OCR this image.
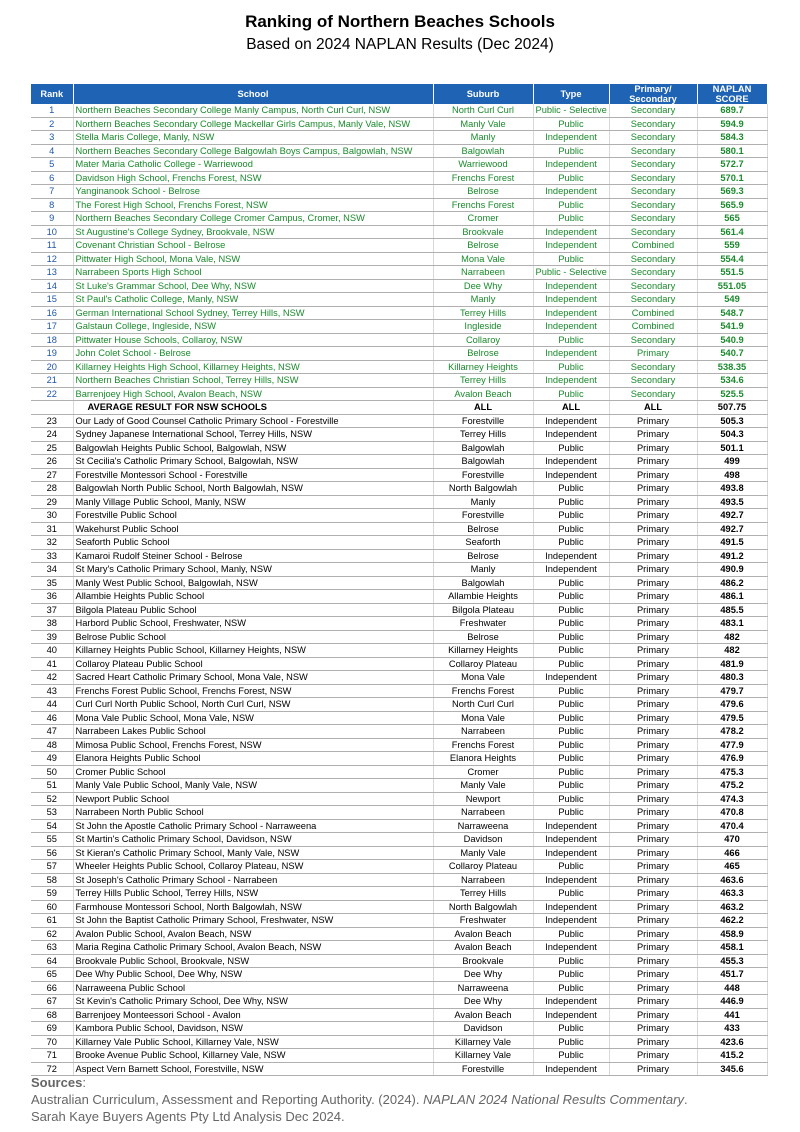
Ranking of Northern Beaches Schools
Based on 2024 NAPLAN Results (Dec 2024)
Rank	School	Suburb	Type	Primary/ Secondary	NAPLAN SCORE
1	Northern Beaches Secondary College Manly Campus, North Curl Curl, NSW	North Curl Curl	Public - Selective	Secondary	689.7
2	Northern Beaches Secondary College Mackellar Girls Campus, Manly Vale, NSW	Manly Vale	Public	Secondary	594.9
3	Stella Maris College, Manly, NSW	Manly	Independent	Secondary	584.3
4	Northern Beaches Secondary College Balgowlah Boys Campus, Balgowlah, NSW	Balgowlah	Public	Secondary	580.1
5	Mater Maria Catholic College - Warriewood	Warriewood	Independent	Secondary	572.7
6	Davidson High School, Frenchs Forest, NSW	Frenchs Forest	Public	Secondary	570.1
7	Yanginanook School - Belrose	Belrose	Independent	Secondary	569.3
8	The Forest High School, Frenchs Forest, NSW	Frenchs Forest	Public	Secondary	565.9
9	Northern Beaches Secondary College Cromer Campus, Cromer, NSW	Cromer	Public	Secondary	565
10	St Augustine's College Sydney, Brookvale, NSW	Brookvale	Independent	Secondary	561.4
11	Covenant Christian School - Belrose	Belrose	Independent	Combined	559
12	Pittwater High School, Mona Vale, NSW	Mona Vale	Public	Secondary	554.4
13	Narrabeen Sports High School	Narrabeen	Public - Selective	Secondary	551.5
14	St Luke's Grammar School, Dee Why, NSW	Dee Why	Independent	Secondary	551.05
15	St Paul's Catholic College, Manly, NSW	Manly	Independent	Secondary	549
16	German International School Sydney, Terrey Hills, NSW	Terrey Hills	Independent	Combined	548.7
17	Galstaun College, Ingleside, NSW	Ingleside	Independent	Combined	541.9
18	Pittwater House Schools, Collaroy, NSW	Collaroy	Public	Secondary	540.9
19	John Colet School - Belrose	Belrose	Independent	Primary	540.7
20	Killarney Heights High School, Killarney Heights, NSW	Killarney Heights	Public	Secondary	538.35
21	Northern Beaches Christian School, Terrey Hills, NSW	Terrey Hills	Independent	Secondary	534.6
22	Barrenjoey High School, Avalon Beach, NSW	Avalon Beach	Public	Secondary	525.5
	AVERAGE RESULT FOR NSW SCHOOLS	ALL	ALL	ALL	507.75
23	Our Lady of Good Counsel Catholic Primary School - Forestville	Forestville	Independent	Primary	505.3
24	Sydney Japanese International School, Terrey Hills, NSW	Terrey Hills	Independent	Primary	504.3
25	Balgowlah Heights Public School, Balgowlah, NSW	Balgowlah	Public	Primary	501.1
26	St Cecilia's Catholic Primary School, Balgowlah, NSW	Balgowlah	Independent	Primary	499
27	Forestville Montessori School - Forestville	Forestville	Independent	Primary	498
28	Balgowlah North Public School, North Balgowlah, NSW	North Balgowlah	Public	Primary	493.8
29	Manly Village Public School, Manly, NSW	Manly	Public	Primary	493.5
30	Forestville Public School	Forestville	Public	Primary	492.7
31	Wakehurst Public School	Belrose	Public	Primary	492.7
32	Seaforth Public School	Seaforth	Public	Primary	491.5
33	Kamaroi Rudolf Steiner School - Belrose	Belrose	Independent	Primary	491.2
34	St Mary's Catholic Primary School, Manly, NSW	Manly	Independent	Primary	490.9
35	Manly West Public School, Balgowlah, NSW	Balgowlah	Public	Primary	486.2
36	Allambie Heights Public School	Allambie Heights	Public	Primary	486.1
37	Bilgola Plateau Public School	Bilgola Plateau	Public	Primary	485.5
38	Harbord Public School, Freshwater, NSW	Freshwater	Public	Primary	483.1
39	Belrose Public School	Belrose	Public	Primary	482
40	Killarney Heights Public School, Killarney Heights, NSW	Killarney Heights	Public	Primary	482
41	Collaroy Plateau Public School	Collaroy Plateau	Public	Primary	481.9
42	Sacred Heart Catholic Primary School, Mona Vale, NSW	Mona Vale	Independent	Primary	480.3
43	Frenchs Forest Public School, Frenchs Forest, NSW	Frenchs Forest	Public	Primary	479.7
44	Curl Curl North Public School, North Curl Curl, NSW	North Curl Curl	Public	Primary	479.6
46	Mona Vale Public School, Mona Vale, NSW	Mona Vale	Public	Primary	479.5
47	Narrabeen Lakes Public School	Narrabeen	Public	Primary	478.2
48	Mimosa Public School, Frenchs Forest, NSW	Frenchs Forest	Public	Primary	477.9
49	Elanora Heights Public School	Elanora Heights	Public	Primary	476.9
50	Cromer Public School	Cromer	Public	Primary	475.3
51	Manly Vale Public School, Manly Vale, NSW	Manly Vale	Public	Primary	475.2
52	Newport Public School	Newport	Public	Primary	474.3
53	Narrabeen North Public School	Narrabeen	Public	Primary	470.8
54	St John the Apostle Catholic Primary School - Narraweena	Narraweena	Independent	Primary	470.4
55	St Martin's Catholic Primary School, Davidson, NSW	Davidson	Independent	Primary	470
56	St Kieran's Catholic Primary School, Manly Vale, NSW	Manly Vale	Independent	Primary	466
57	Wheeler Heights Public School, Collaroy Plateau, NSW	Collaroy Plateau	Public	Primary	465
58	St Joseph's Catholic Primary School - Narrabeen	Narrabeen	Independent	Primary	463.6
59	Terrey Hills Public School, Terrey Hills, NSW	Terrey Hills	Public	Primary	463.3
60	Farmhouse Montessori School, North Balgowlah, NSW	North Balgowlah	Independent	Primary	463.2
61	St John the Baptist Catholic Primary School, Freshwater, NSW	Freshwater	Independent	Primary	462.2
62	Avalon Public School, Avalon Beach, NSW	Avalon Beach	Public	Primary	458.9
63	Maria Regina Catholic Primary School, Avalon Beach, NSW	Avalon Beach	Independent	Primary	458.1
64	Brookvale Public School, Brookvale, NSW	Brookvale	Public	Primary	455.3
65	Dee Why Public School, Dee Why, NSW	Dee Why	Public	Primary	451.7
66	Narraweena Public School	Narraweena	Public	Primary	448
67	St Kevin's Catholic Primary School, Dee Why, NSW	Dee Why	Independent	Primary	446.9
68	Barrenjoey Monteessori School - Avalon	Avalon Beach	Independent	Primary	441
69	Kambora Public School, Davidson, NSW	Davidson	Public	Primary	433
70	Killarney Vale Public School, Killarney Vale, NSW	Killarney Vale	Public	Primary	423.6
71	Brooke Avenue Public School, Killarney Vale, NSW	Killarney Vale	Public	Primary	415.2
72	Aspect Vern Barnett School, Forestville, NSW	Forestville	Independent	Primary	345.6
Sources:
Australian Curriculum, Assessment and Reporting Authority. (2024). NAPLAN 2024 National Results Commentary.
Sarah Kaye Buyers Agents Pty Ltd Analysis Dec 2024.
